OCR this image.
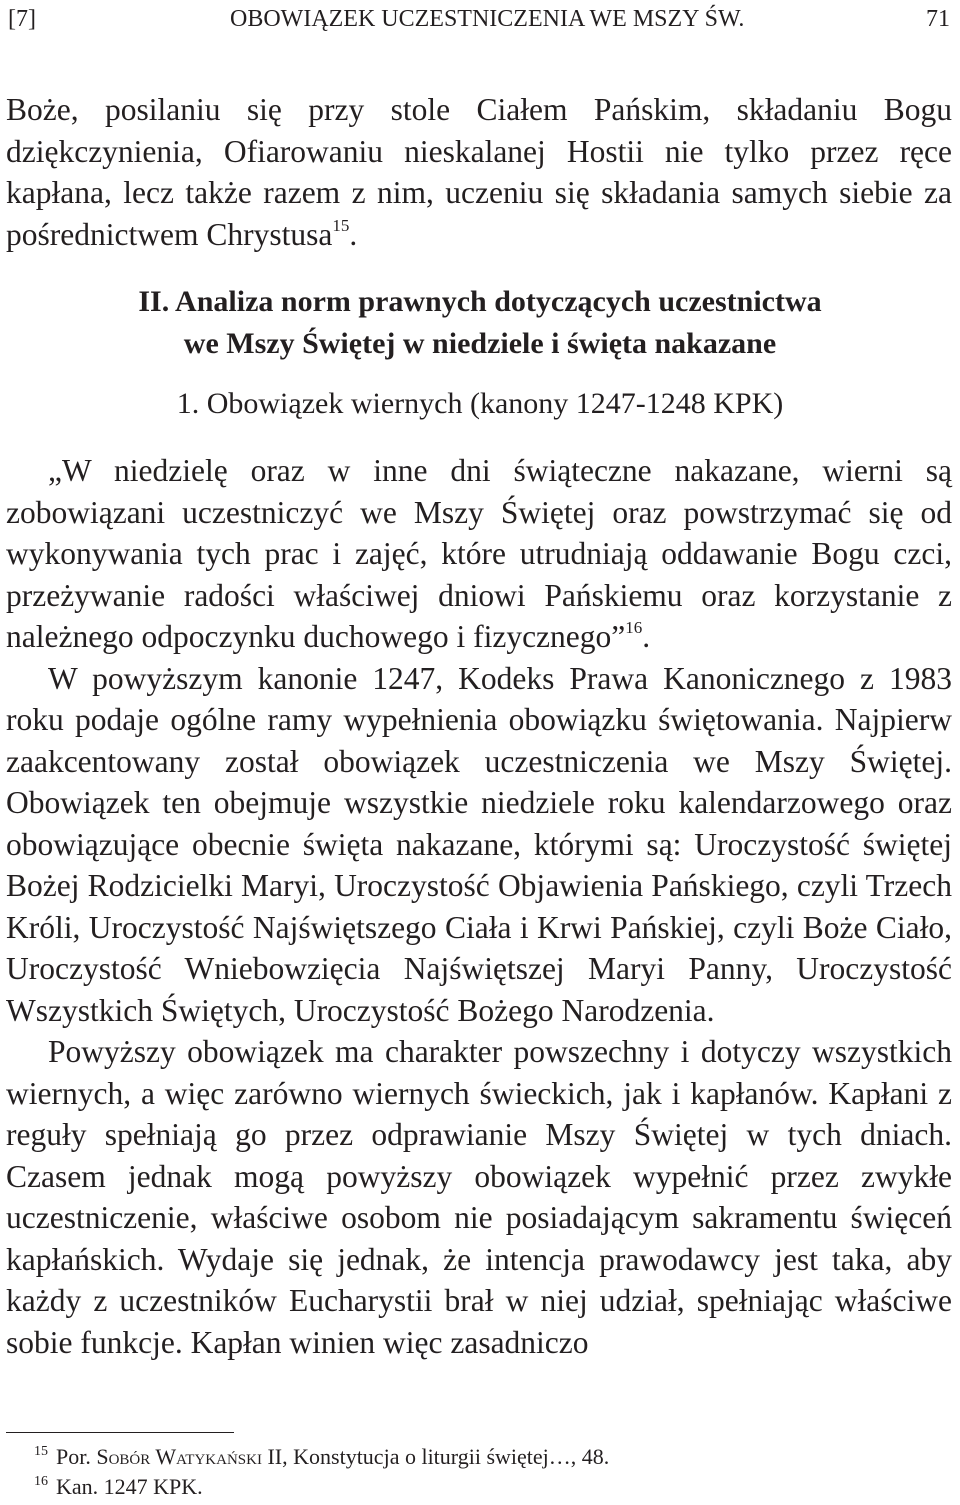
[7]	OBOWIĄZEK UCZESTNICZENIA WE MSZY ŚW.	71

Boże, posilaniu się przy stole Ciałem Pańskim, składaniu Bogu dziękczynienia, Ofiarowaniu nieskalanej Hostii nie tylko przez ręce kapłana, lecz także razem z nim, uczeniu się składania samych siebie za pośrednictwem Chrystusa$^{15}$.

II. Analiza norm prawnych dotyczących uczestnictwa
we Mszy Świętej w niedziele i święta nakazane
1. Obowiązek wiernych (kanony 1247-1248 KPK)

„W niedzielę oraz w inne dni świąteczne nakazane, wierni są zobowiązani uczestniczyć we Mszy Świętej oraz powstrzymać się od wykonywania tych prac i zajęć, które utrudniają oddawanie Bogu czci, przeżywanie radości właściwej dniowi Pańskiemu oraz korzystanie z należnego odpoczynku duchowego i fizycznego”$^{16}$.

W powyższym kanonie 1247, Kodeks Prawa Kanonicznego z 1983 roku podaje ogólne ramy wypełnienia obowiązku świętowania. Najpierw zaakcentowany został obowiązek uczestniczenia we Mszy Świętej. Obowiązek ten obejmuje wszystkie niedziele roku kalendarzowego oraz obowiązujące obecnie święta nakazane, którymi są: Uroczystość świętej Bożej Rodzicielki Maryi, Uroczystość Objawienia Pańskiego, czyli Trzech Króli, Uroczystość Najświętszego Ciała i Krwi Pańskiej, czyli Boże Ciało, Uroczystość Wniebowzięcia Najświętszej Maryi Panny, Uroczystość Wszystkich Świętych, Uroczystość Bożego Narodzenia.

Powyższy obowiązek ma charakter powszechny i dotyczy wszystkich wiernych, a więc zarówno wiernych świeckich, jak i kapłanów. Kapłani z reguły spełniają go przez odprawianie Mszy Świętej w tych dniach. Czasem jednak mogą powyższy obowiązek wypełnić przez zwykłe uczestniczenie, właściwe osobom nie posiadającym sakramentu święceń kapłańskich. Wydaje się jednak, że intencja prawodawcy jest taka, aby każdy z uczestników Eucharystii brał w niej udział, spełniając właściwe sobie funkcje. Kapłan winien więc zasadniczo

$^{15}$ Por. Sobór Watykański II, Konstytucja o liturgii świętej…, 48.
$^{16}$ Kan. 1247 KPK.
